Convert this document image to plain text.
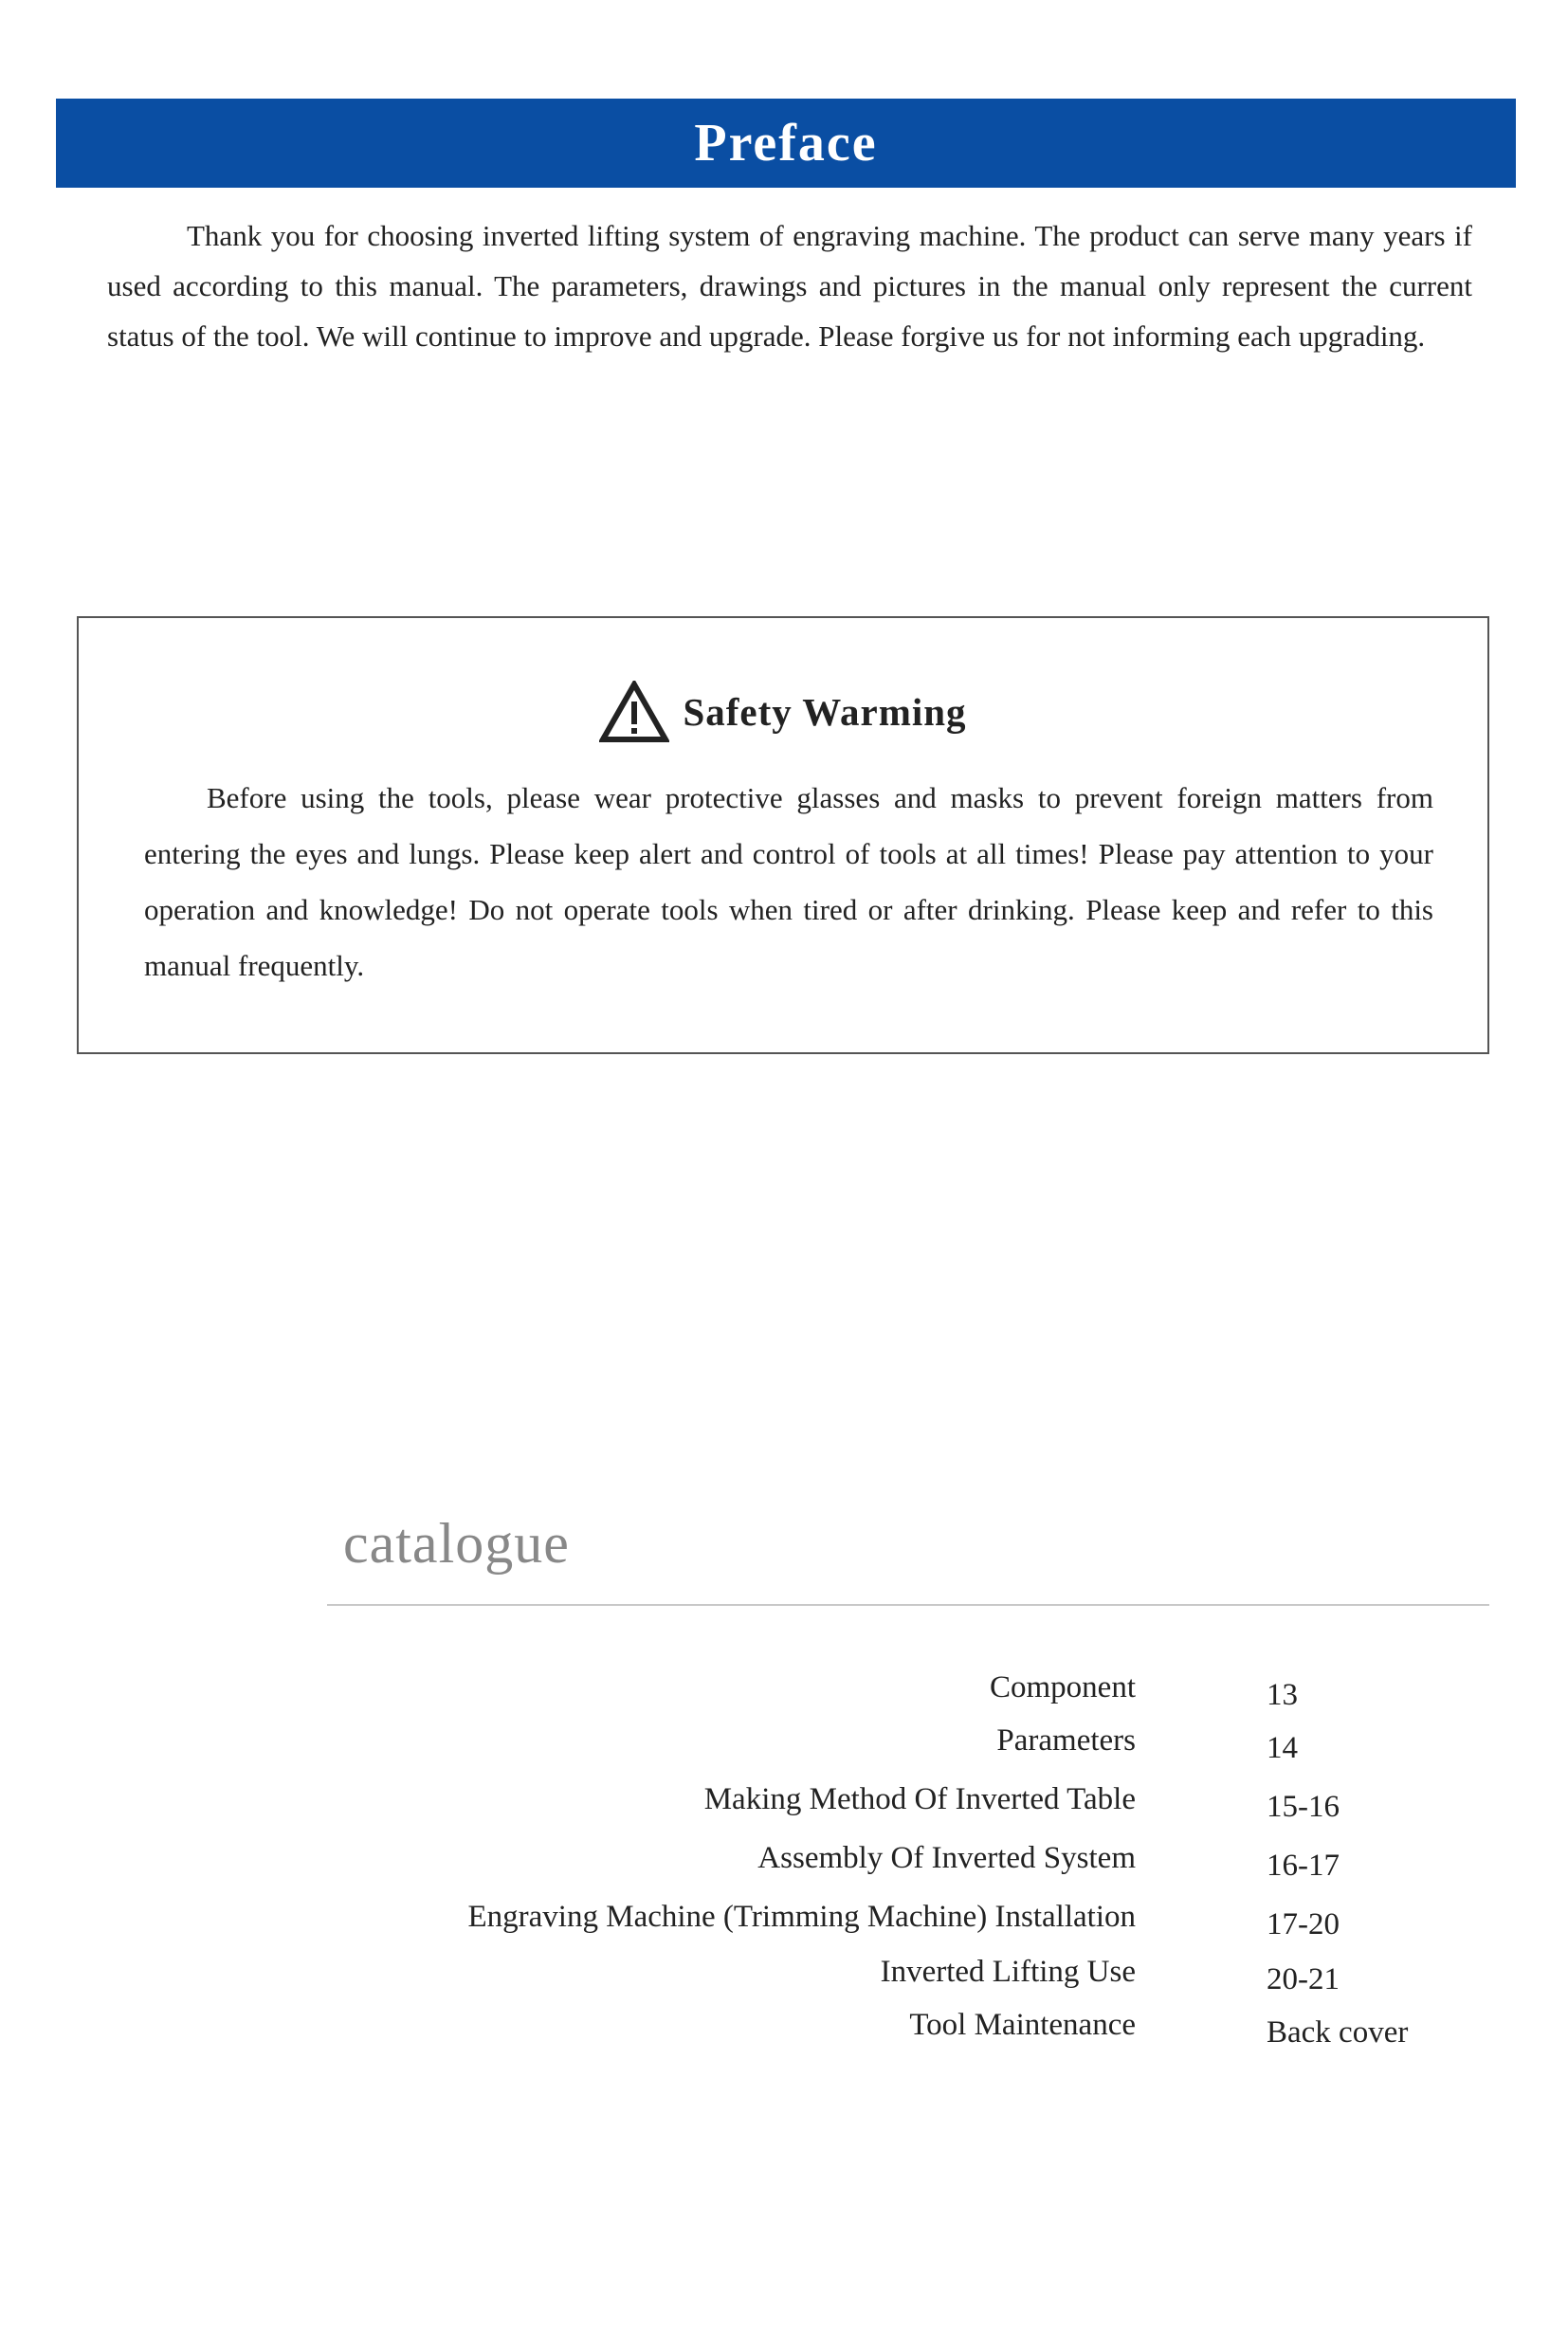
Preface

Thank you for choosing inverted lifting system of engraving machine. The product can serve many years if used according to this manual. The parameters, drawings and pictures in the manual only represent the current status of the tool. We will continue to improve and upgrade. Please forgive us for not informing each upgrading.

Safety Warming

Before using the tools, please wear protective glasses and masks to prevent foreign matters from entering the eyes and lungs. Please keep alert and control of tools at all times! Please pay attention to your operation and knowledge! Do not operate tools when tired or after drinking. Please keep and refer to this manual frequently.

catalogue
Component	13
Parameters	14
Making Method Of Inverted Table	15-16
Assembly Of Inverted System	16-17
Engraving Machine (Trimming Machine) Installation	17-20
Inverted Lifting Use	20-21
Tool Maintenance	Back cover
